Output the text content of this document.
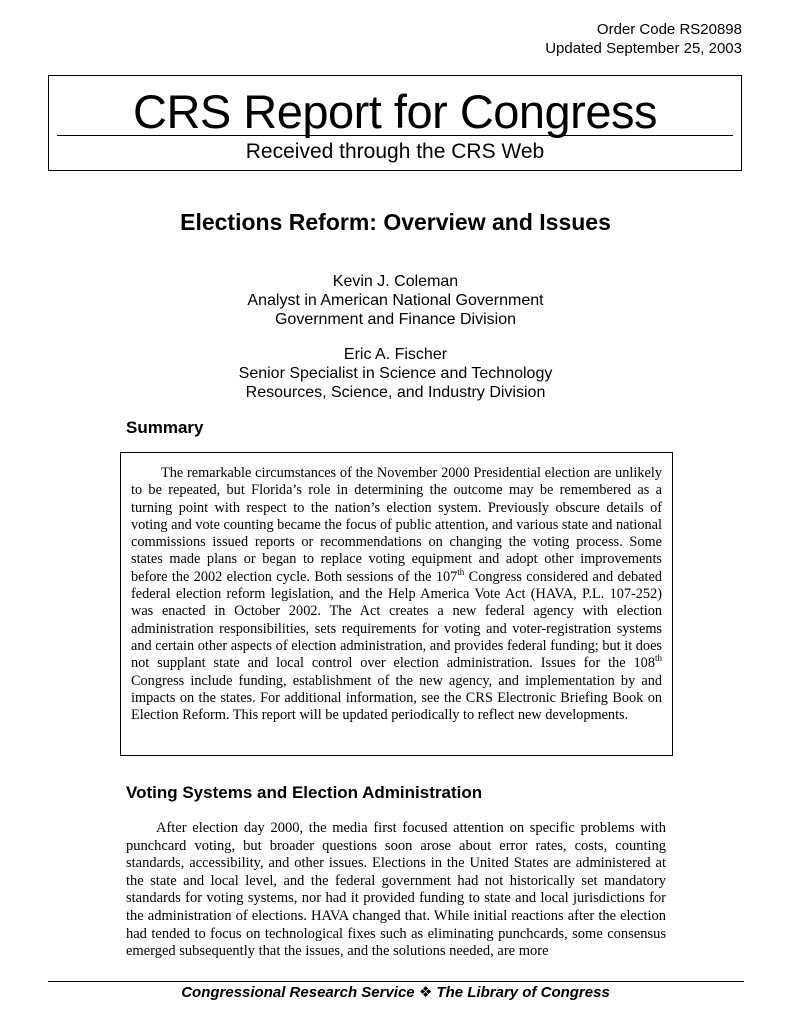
Order Code RS20898
Updated September 25, 2003
CRS Report for Congress
Received through the CRS Web
Elections Reform: Overview and Issues
Kevin J. Coleman
Analyst in American National Government
Government and Finance Division
Eric A. Fischer
Senior Specialist in Science and Technology
Resources, Science, and Industry Division
Summary

The remarkable circumstances of the November 2000 Presidential election are unlikely to be repeated, but Florida’s role in determining the outcome may be remembered as a turning point with respect to the nation’s election system. Previously obscure details of voting and vote counting became the focus of public attention, and various state and national commissions issued reports or recommendations on changing the voting process. Some states made plans or began to replace voting equipment and adopt other improvements before the 2002 election cycle. Both sessions of the 107th Congress considered and debated federal election reform legislation, and the Help America Vote Act (HAVA, P.L. 107-252) was enacted in October 2002. The Act creates a new federal agency with election administration responsibilities, sets requirements for voting and voter-registration systems and certain other aspects of election administration, and provides federal funding; but it does not supplant state and local control over election administration. Issues for the 108th Congress include funding, establishment of the new agency, and implementation by and impacts on the states. For additional information, see the CRS Electronic Briefing Book on Election Reform. This report will be updated periodically to reflect new developments.

Voting Systems and Election Administration

After election day 2000, the media first focused attention on specific problems with punchcard voting, but broader questions soon arose about error rates, costs, counting standards, accessibility, and other issues. Elections in the United States are administered at the state and local level, and the federal government had not historically set mandatory standards for voting systems, nor had it provided funding to state and local jurisdictions for the administration of elections. HAVA changed that. While initial reactions after the election had tended to focus on technological fixes such as eliminating punchcards, some consensus emerged subsequently that the issues, and the solutions needed, are more

Congressional Research Service ❖ The Library of Congress
